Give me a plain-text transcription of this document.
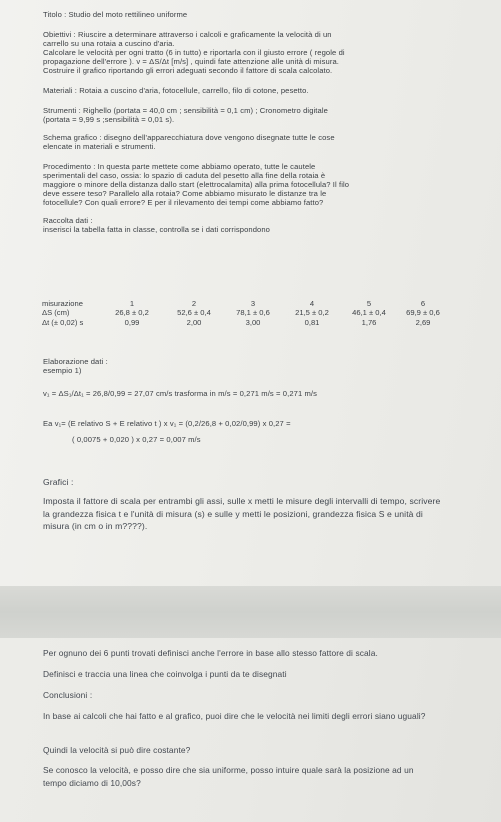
Titolo : Studio del moto rettilineo uniforme
Obiettivi : Riuscire a determinare attraverso i calcoli e graficamente la velocità di un
carrello su una rotaia a cuscino d'aria.
Calcolare le velocità per ogni tratto (6 in tutto) e riportarla con il giusto errore ( regole di
propagazione dell'errore ). v = ΔS/Δt [m/s] , quindi fate attenzione alle unità di misura.
Costruire il grafico riportando gli errori adeguati secondo il fattore di scala calcolato.
Materiali : Rotaia a cuscino d'aria, fotocellule, carrello, filo di cotone, pesetto.
Strumenti : Righello (portata = 40,0 cm ; sensibilità = 0,1 cm) ; Cronometro digitale
(portata = 9,99 s ;sensibilità = 0,01 s).
Schema grafico : disegno dell'apparecchiatura dove vengono disegnate tutte le cose
elencate in materiali e strumenti.
Procedimento : In questa parte mettete come abbiamo operato, tutte le cautele
sperimentali del caso, ossia: lo spazio di caduta del pesetto alla fine della rotaia è
maggiore o minore della distanza dallo start (elettrocalamita) alla prima fotocellula? Il filo
deve essere teso? Parallelo alla rotaia? Come abbiamo misurato le distanze tra le
fotocellule? Con quali errore? E per il rilevamento dei tempi come abbiamo fatto?
Raccolta dati :
inserisci la tabella fatta in classe, controlla se i dati corrispondono
misurazione	1	2	3	4	5	6
ΔS (cm)	26,8 ± 0,2	52,6 ± 0,4	78,1 ± 0,6	21,5 ± 0,2	46,1 ± 0,4	69,9 ± 0,6
Δt (± 0,02) s	0,99	2,00	3,00	0,81	1,76	2,69
Elaborazione dati :
esempio 1)
v₁ = ΔS₁/Δt₁ = 26,8/0,99 = 27,07 cm/s trasforma in m/s = 0,271 m/s = 0,271 m/s
Ea v₁= (E relativo S + E relativo t ) x v₁ = (0,2/26,8 + 0,02/0,99) x 0,27 =
( 0,0075 + 0,020 ) x 0,27 = 0,007 m/s
Grafici :
Imposta il fattore di scala per entrambi gli assi, sulle x metti le misure degli intervalli di tempo, scrivere la grandezza fisica t e l'unità di misura (s) e sulle y metti le posizioni, grandezza fisica S e unità di misura (in cm o in m????).
Per ognuno dei 6 punti trovati definisci anche l'errore in base allo stesso fattore di scala.
Definisci e traccia una linea che coinvolga i punti da te disegnati
Conclusioni :
In base ai calcoli che hai fatto e al grafico, puoi dire che le velocità nei limiti degli errori siano uguali?
Quindi la velocità si può dire costante?
Se conosco la velocità, e posso dire che sia uniforme, posso intuire quale sarà la posizione ad un tempo diciamo di 10,00s?
